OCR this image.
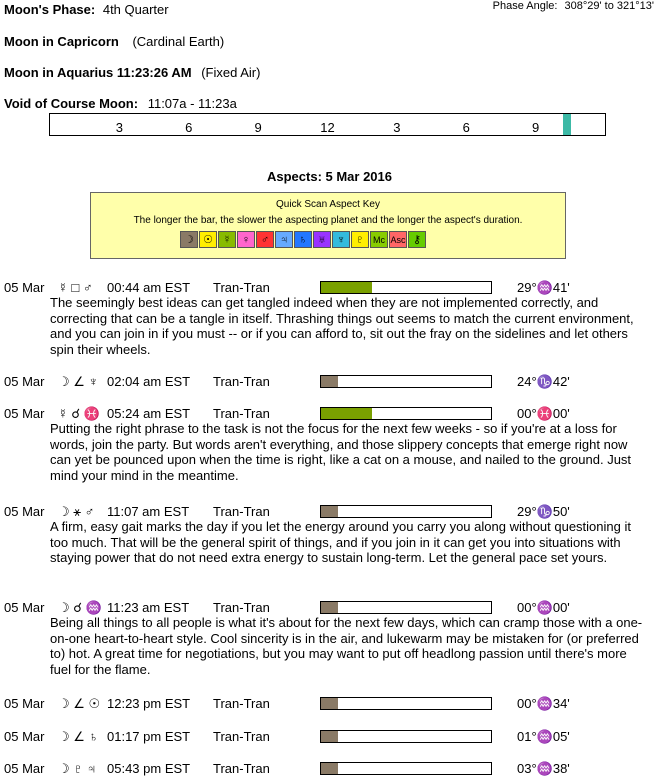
Moon's Phase: 4th Quarter	Phase Angle: 308°29' to 321°13'
Moon in Capricorn (Cardinal Earth)
Moon in Aquarius 11:23:26 AM (Fixed Air)
Void of Course Moon: 11:07a - 11:23a
3	6	9	12	3	6	9
Aspects: 5 Mar 2016
Quick Scan Aspect Key
The longer the bar, the slower the aspecting planet and the longer the aspect's duration.
☽ ☉ ☿ ♀ ♂ ♃ ♄ ♅ ♆ ♇ Mc Asc ⚷
05 Mar ☿ □ ♂ 00:44 am EST Tran-Tran	29°♒41'
The seemingly best ideas can get tangled indeed when they are not implemented correctly, and correcting that can be a tangle in itself. Thrashing things out seems to match the current environment, and you can join in if you must -- or if you can afford to, sit out the fray on the sidelines and let others spin their wheels.
05 Mar ☽ ∠ ♆ 02:04 am EST Tran-Tran	24°♑42'
05 Mar ☿ ☌ ♓ 05:24 am EST Tran-Tran	00°♓00'
Putting the right phrase to the task is not the focus for the next few weeks - so if you're at a loss for words, join the party. But words aren't everything, and those slippery concepts that emerge right now can yet be pounced upon when the time is right, like a cat on a mouse, and nailed to the ground. Just mind your mind in the meantime.
05 Mar ☽ ⚹ ♂ 11:07 am EST Tran-Tran	29°♑50'
A firm, easy gait marks the day if you let the energy around you carry you along without questioning it too much. That will be the general spirit of things, and if you join in it can get you into situations with staying power that do not need extra energy to sustain long-term. Let the general pace set yours.
05 Mar ☽ ☌ ♒ 11:23 am EST Tran-Tran	00°♒00'
Being all things to all people is what it's about for the next few days, which can cramp those with a one-on-one heart-to-heart style. Cool sincerity is in the air, and lukewarm may be mistaken for (or preferred to) hot. A great time for negotiations, but you may want to put off headlong passion until there's more fuel for the flame.
05 Mar ☽ ∠ ☉ 12:23 pm EST Tran-Tran	00°♒34'
05 Mar ☽ ∠ ♄ 01:17 pm EST Tran-Tran	01°♒05'
05 Mar ☽ ♇ ♃ 05:43 pm EST Tran-Tran	03°♒38'
